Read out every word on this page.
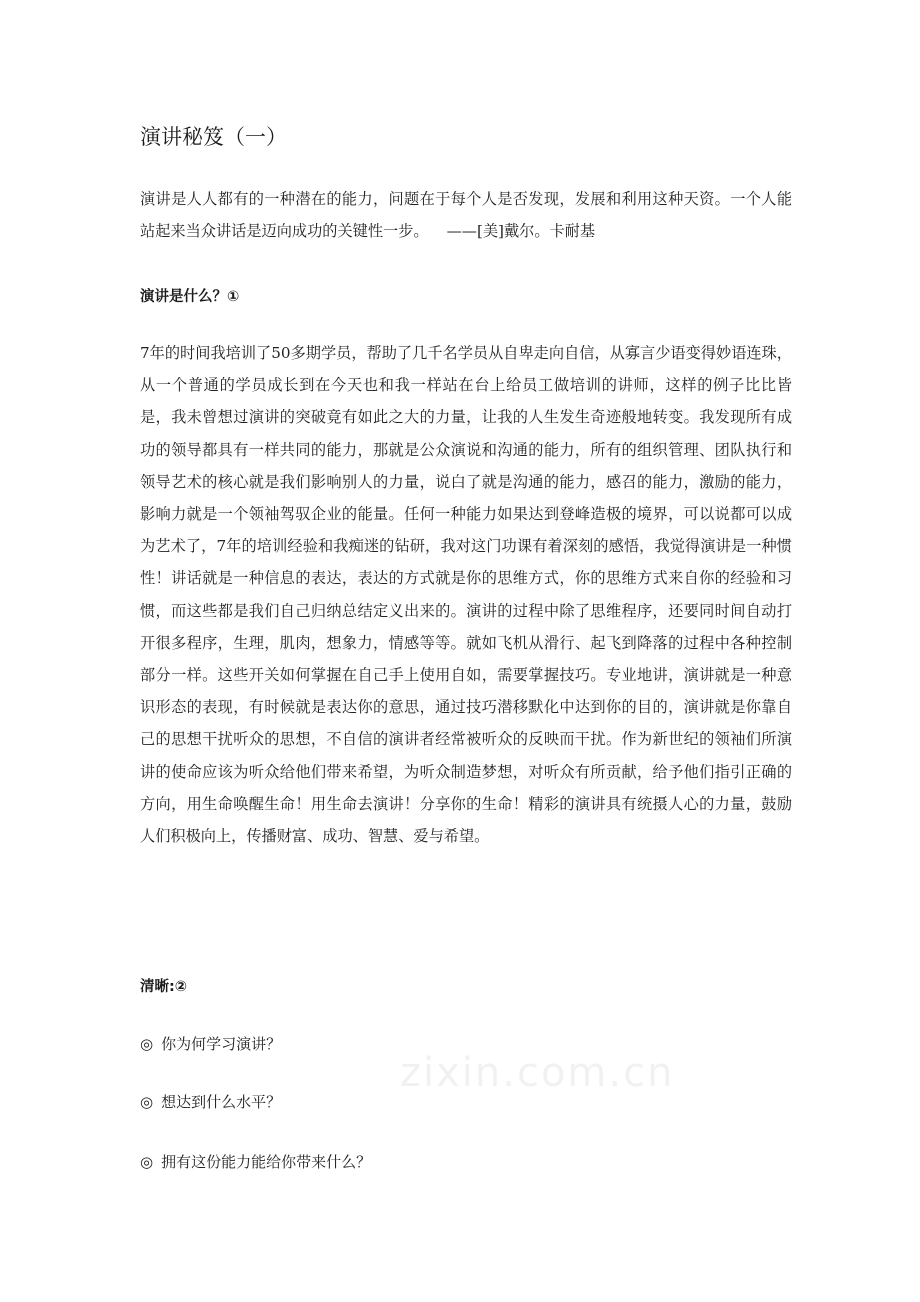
演讲秘笈（一）

演讲是人人都有的一种潜在的能力，问题在于每个人是否发现，发展和利用这种天资。一个人能站起来当众讲话是迈向成功的关键性一步。 ——[美]戴尔。卡耐基

演讲是什么？①

7年的时间我培训了50多期学员，帮助了几千名学员从自卑走向自信，从寡言少语变得妙语连珠，从一个普通的学员成长到在今天也和我一样站在台上给员工做培训的讲师，这样的例子比比皆是，我未曾想过演讲的突破竟有如此之大的力量，让我的人生发生奇迹般地转变。我发现所有成功的领导都具有一样共同的能力，那就是公众演说和沟通的能力，所有的组织管理、团队执行和领导艺术的核心就是我们影响别人的力量，说白了就是沟通的能力，感召的能力，激励的能力，影响力就是一个领袖驾驭企业的能量。任何一种能力如果达到登峰造极的境界，可以说都可以成为艺术了，7年的培训经验和我痴迷的钻研，我对这门功课有着深刻的感悟，我觉得演讲是一种惯性！讲话就是一种信息的表达，表达的方式就是你的思维方式，你的思维方式来自你的经验和习惯，而这些都是我们自己归纳总结定义出来的。演讲的过程中除了思维程序，还要同时间自动打开很多程序，生理，肌肉，想象力，情感等等。就如飞机从滑行、起飞到降落的过程中各种控制部分一样。这些开关如何掌握在自己手上使用自如，需要掌握技巧。专业地讲，演讲就是一种意识形态的表现，有时候就是表达你的意思，通过技巧潜移默化中达到你的目的，演讲就是你靠自己的思想干扰听众的思想，不自信的演讲者经常被听众的反映而干扰。作为新世纪的领袖们所演讲的使命应该为听众给他们带来希望，为听众制造梦想，对听众有所贡献，给予他们指引正确的方向，用生命唤醒生命！用生命去演讲！分享你的生命！精彩的演讲具有统摄人心的力量，鼓励人们积极向上，传播财富、成功、智慧、爱与希望。

清晰:②
◎ 你为何学习演讲？
◎ 想达到什么水平？
◎ 拥有这份能力能给你带来什么？
zixin.com.cn
